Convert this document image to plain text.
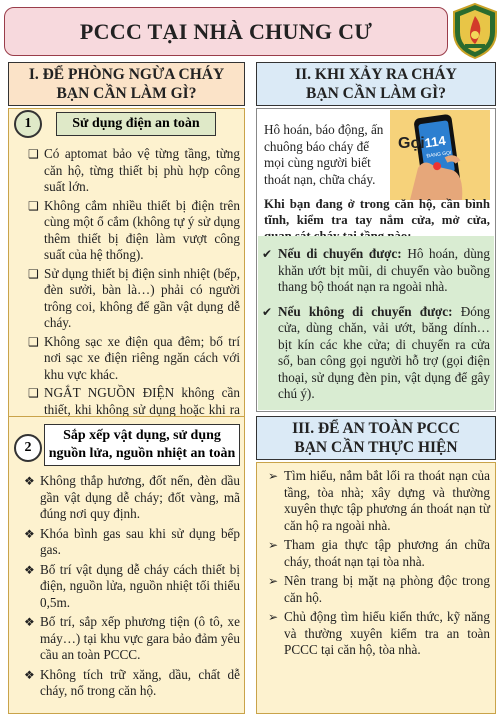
PCCC TẠI NHÀ CHUNG CƯ
I. ĐỂ PHÒNG NGỪA CHÁY
BẠN CẦN LÀM GÌ?
1	Sử dụng điện an toàn
❑ Có aptomat bảo vệ từng tầng, từng căn hộ, từng thiết bị phù hợp công suất lớn.
❑ Không cắm nhiều thiết bị điện trên cùng một ổ cắm (không tự ý sử dụng thêm thiết bị điện làm vượt công suất của hệ thống).
❑ Sử dụng thiết bị điện sinh nhiệt (bếp, đèn sưởi, bàn là…) phải có người trông coi, không để gần vật dụng dễ cháy.
❑ Không sạc xe điện qua đêm; bố trí nơi sạc xe điện riêng ngăn cách với khu vực khác.
❑ NGẮT NGUỒN ĐIỆN không cần thiết, khi không sử dụng hoặc khi ra
2
Sắp xếp vật dụng, sử dụng
nguồn lửa, nguồn nhiệt an toàn
❖ Không thắp hương, đốt nến, đèn dầu gần vật dụng dễ cháy; đốt vàng, mã đúng nơi quy định.
❖ Khóa bình gas sau khi sử dụng bếp gas.
❖ Bố trí vật dụng dễ cháy cách thiết bị điện, nguồn lửa, nguồn nhiệt tối thiểu 0,5m.
❖ Bố trí, sắp xếp phương tiện (ô tô, xe máy…) tại khu vực gara bảo đảm yêu cầu an toàn PCCC.
❖ Không tích trữ xăng, dầu, chất dễ cháy, nổ trong căn hộ.
II. KHI XẢY RA CHÁY
BẠN CẦN LÀM GÌ?
Hô hoán, báo động, ấn chuông báo cháy để mọi cùng người biết thoát nạn, chữa cháy.
Gọi 114
ĐANG GỌI
Khi bạn đang ở trong căn hộ, cần bình tĩnh, kiểm tra tay nắm cửa, mở cửa,
✔ Nếu di chuyển được: Hô hoán, dùng khăn ướt bịt mũi, di chuyển vào buồng thang bộ thoát nạn ra ngoài nhà.
✔ Nếu không di chuyển được: Đóng cửa, dùng chăn, vải ướt, băng dính… bịt kín các khe cửa; di chuyển ra cửa sổ, ban công gọi người hỗ trợ (gọi điện thoại, sử dụng đèn pin, vật dụng để gây chú ý).
III. ĐỂ AN TOÀN PCCC
BẠN CẦN THỰC HIỆN
➢ Tìm hiểu, nắm bắt lối ra thoát nạn của tầng, tòa nhà; xây dựng và thường xuyên thực tập phương án thoát nạn từ căn hộ ra ngoài nhà.
➢ Tham gia thực tập phương án chữa cháy, thoát nạn tại tòa nhà.
➢ Nên trang bị mặt nạ phòng độc trong căn hộ.
➢ Chủ động tìm hiểu kiến thức, kỹ năng và thường xuyên kiểm tra an toàn PCCC tại căn hộ, tòa nhà.
